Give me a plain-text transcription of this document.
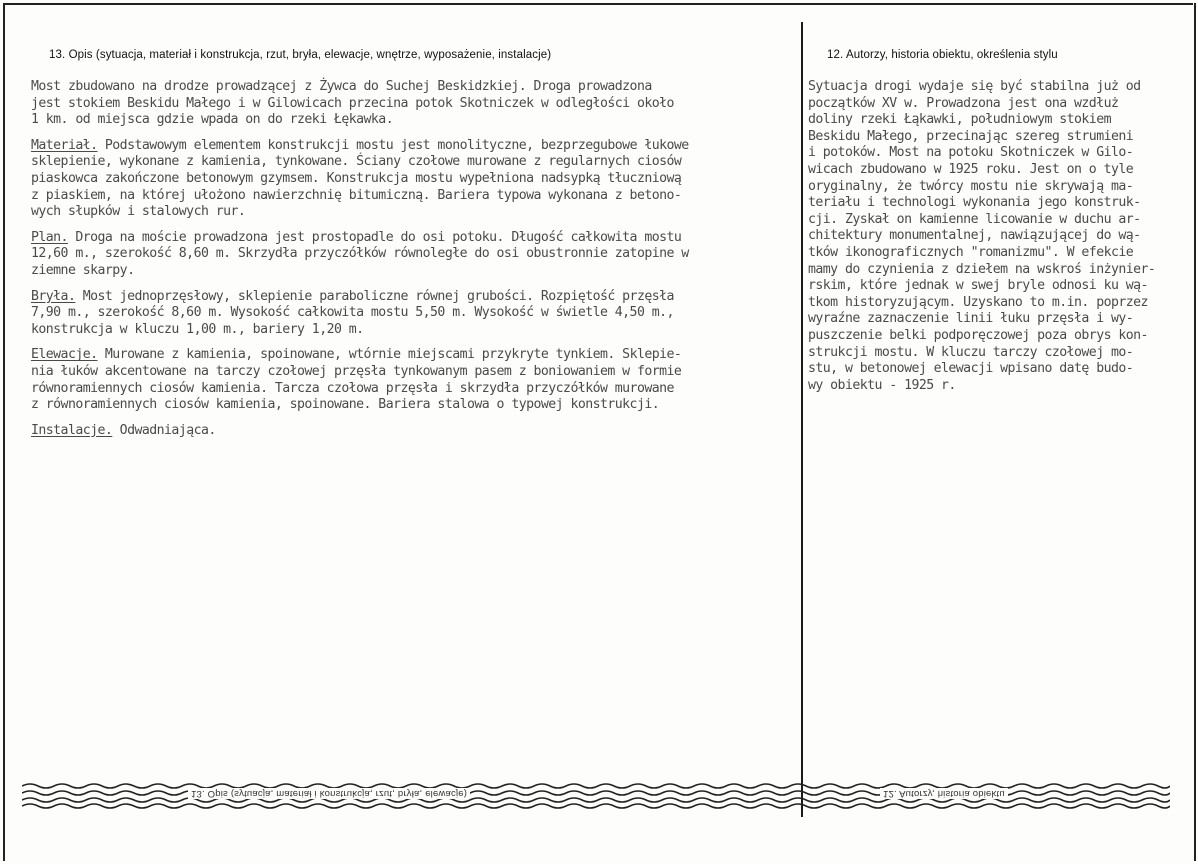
13. Opis (sytuacja, materiał i konstrukcja, rzut, bryła, elewacje, wnętrze, wyposażenie, instalacje)	12. Autorzy, historia obiektu, określenia stylu
Most zbudowano na drodze prowadzącej z Żywca do Suchej Beskidzkiej. Droga prowadzona
jest stokiem Beskidu Małego i w Gilowicach przecina potok Skotniczek w odległości około
1 km. od miejsca gdzie wpada on do rzeki Łękawka.
Materiał. Podstawowym elementem konstrukcji mostu jest monolityczne, bezprzegubowe łukowe
sklepienie, wykonane z kamienia, tynkowane. Ściany czołowe murowane z regularnych ciosów
piaskowca zakończone betonowym gzymsem. Konstrukcja mostu wypełniona nadsypką tłuczniową
z piaskiem, na której ułożono nawierzchnię bitumiczną. Bariera typowa wykonana z betono-
wych słupków i stalowych rur.
Plan. Droga na moście prowadzona jest prostopadle do osi potoku. Długość całkowita mostu
12,60 m., szerokość 8,60 m. Skrzydła przyczółków równoległe do osi obustronnie zatopine w
ziemne skarpy.
Bryła. Most jednoprzęsłowy, sklepienie paraboliczne równej grubości. Rozpiętość przęsła
7,90 m., szerokość 8,60 m. Wysokość całkowita mostu 5,50 m. Wysokość w świetle 4,50 m.,
konstrukcja w kluczu 1,00 m., bariery 1,20 m.
Elewacje. Murowane z kamienia, spoinowane, wtórnie miejscami przykryte tynkiem. Sklepie-
nia łuków akcentowane na tarczy czołowej przęsła tynkowanym pasem z boniowaniem w formie
równoramiennych ciosów kamienia. Tarcza czołowa przęsła i skrzydła przyczółków murowane
z równoramiennych ciosów kamienia, spoinowane. Bariera stalowa o typowej konstrukcji.
Instalacje. Odwadniająca.
Sytuacja drogi wydaje się być stabilna już od
początków XV w. Prowadzona jest ona wzdłuż
doliny rzeki Łąkawki, południowym stokiem
Beskidu Małego, przecinając szereg strumieni
i potoków. Most na potoku Skotniczek w Gilo-
wicach zbudowano w 1925 roku. Jest on o tyle
oryginalny, że twórcy mostu nie skrywają ma-
teriału i technologi wykonania jego konstruk-
cji. Zyskał on kamienne licowanie w duchu ar-
chitektury monumentalnej, nawiązującej do wą-
tków ikonograficznych "romanizmu". W efekcie
mamy do czynienia z dziełem na wskroś inżynier-
rskim, które jednak w swej bryle odnosi ku wą-
tkom historyzującym. Uzyskano to m.in. poprzez
wyraźne zaznaczenie linii łuku przęsła i wy-
puszczenie belki podporęczowej poza obrys kon-
strukcji mostu. W kluczu tarczy czołowej mo-
stu, w betonowej elewacji wpisano datę budo-
wy obiektu - 1925 r.
13. Opis (sytuacja, materiał i konstrukcja, rzut, bryła, elewacje)	12. Autorzy, historia obiektu
